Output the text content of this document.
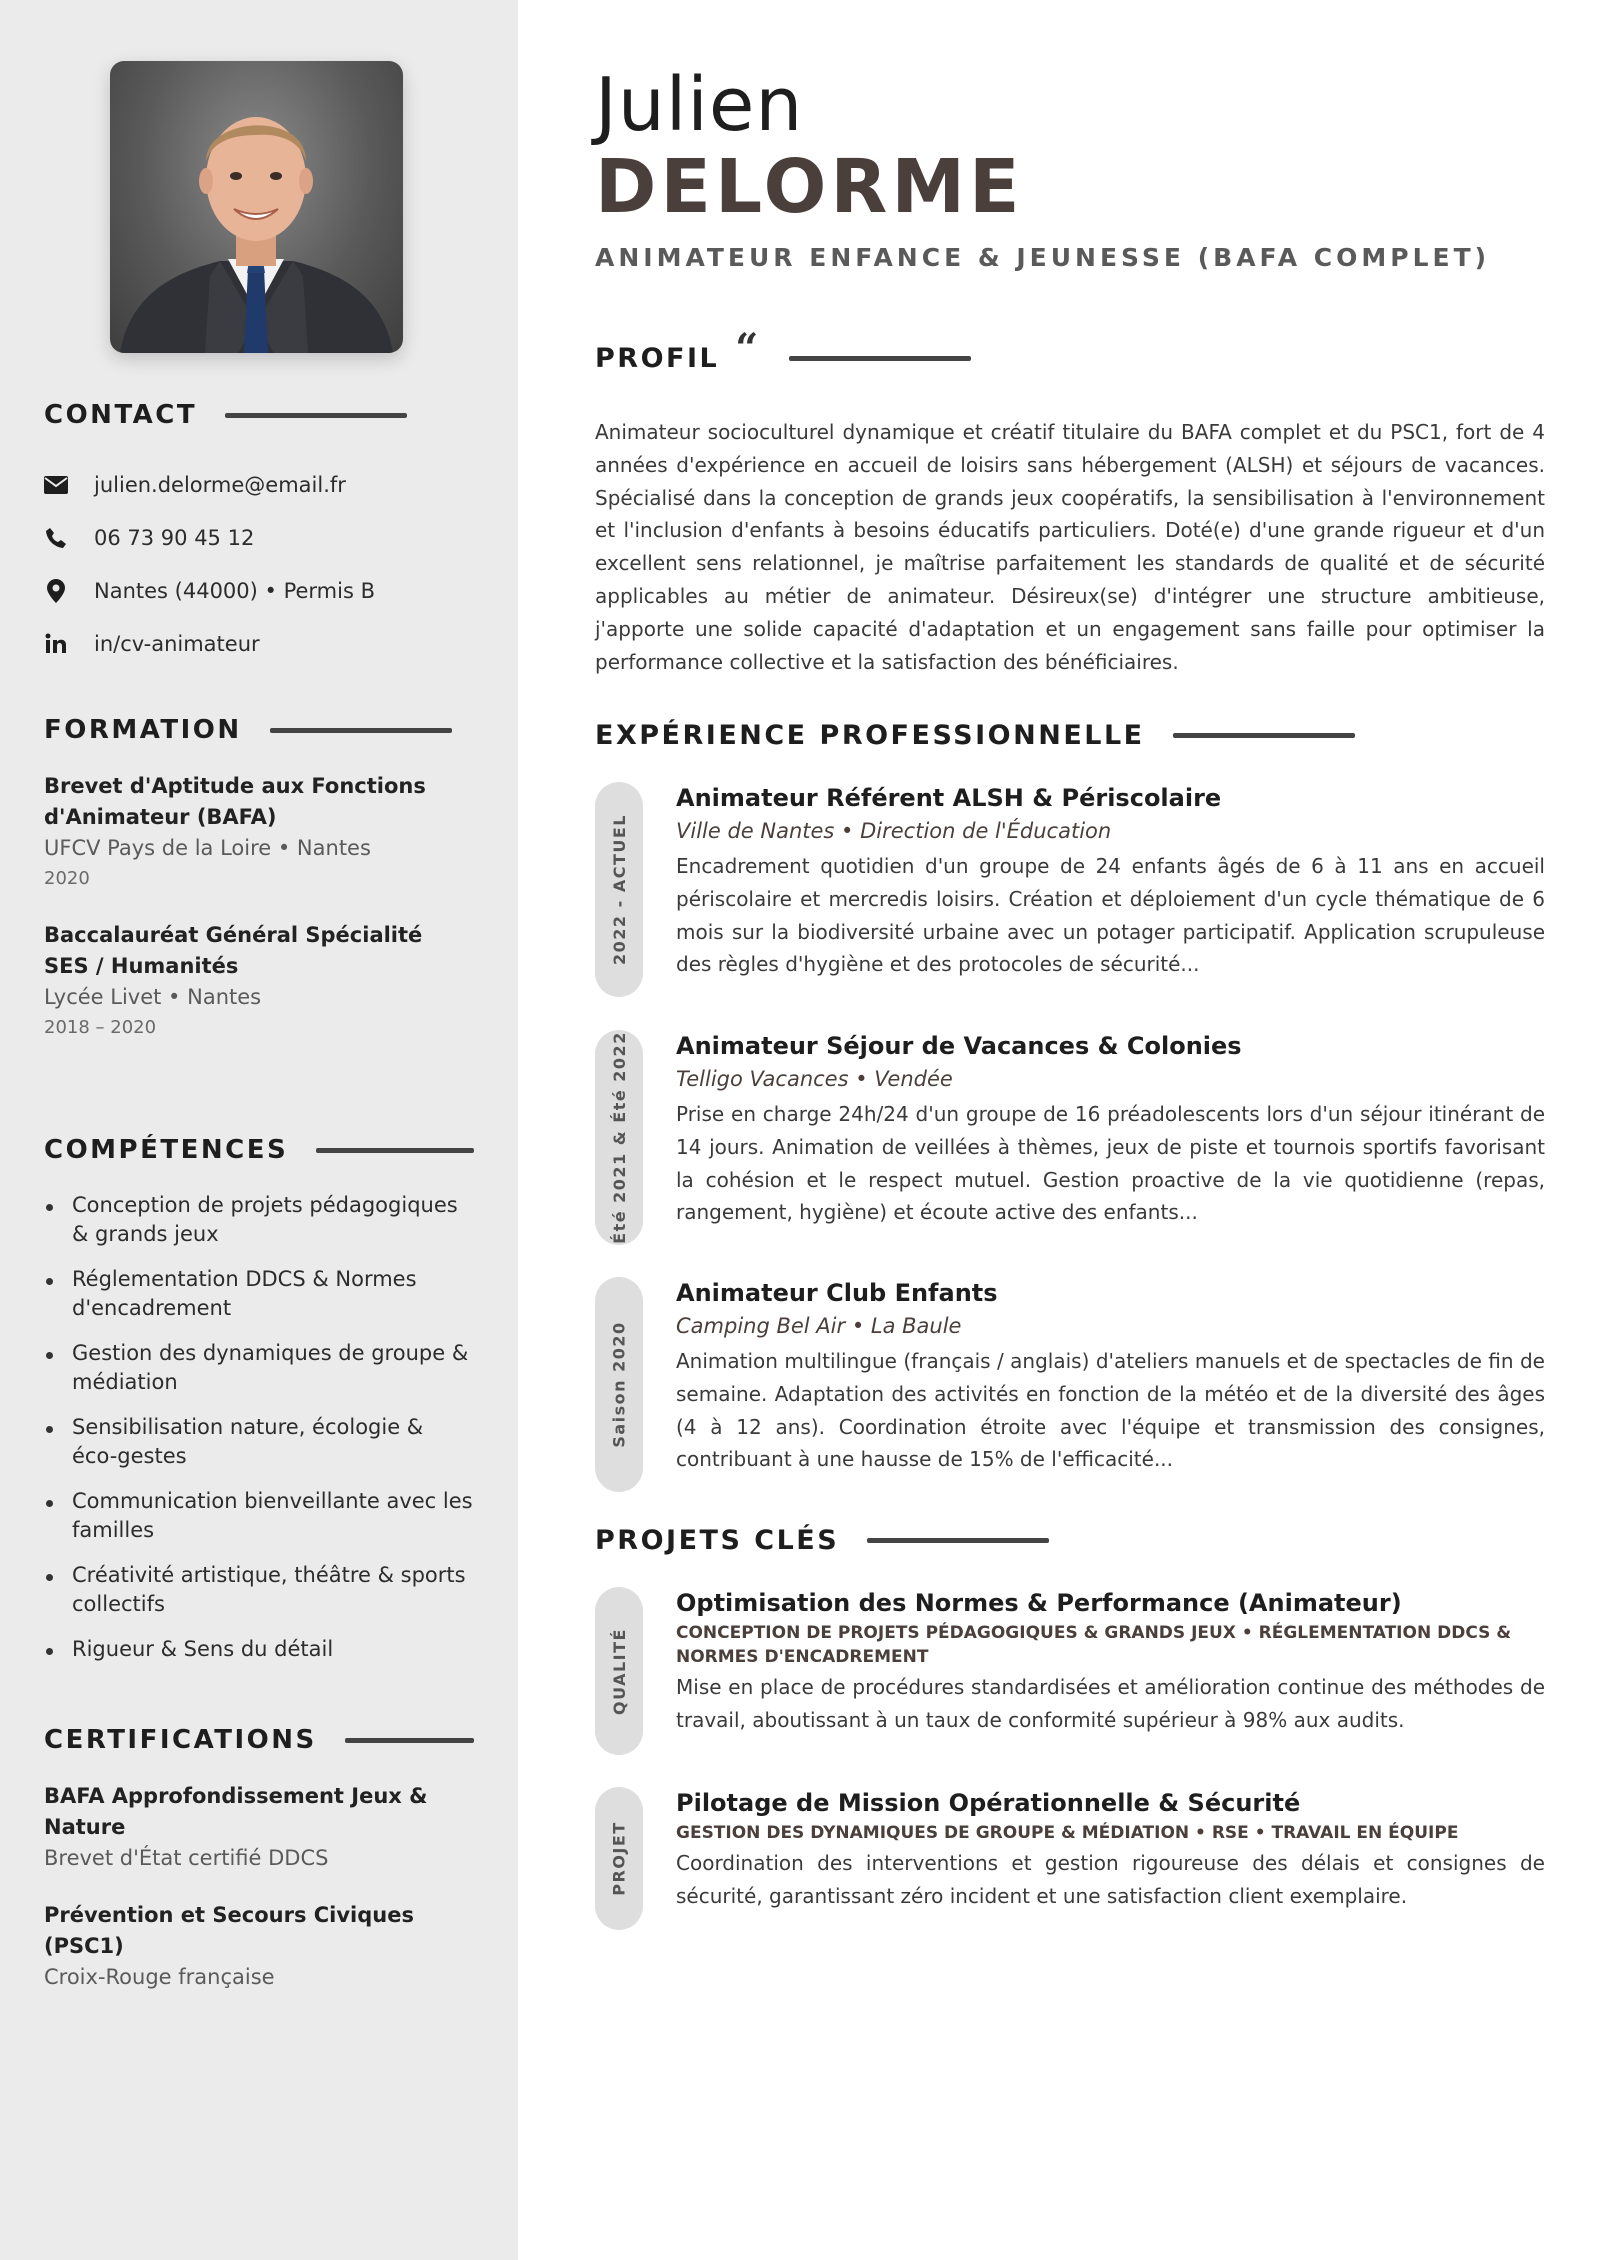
CONTACT
julien.delorme@email.fr
06 73 90 45 12
Nantes (44000) • Permis B
in/cv-animateur
FORMATION
Brevet d'Aptitude aux Fonctions d'Animateur (BAFA)
UFCV Pays de la Loire • Nantes
2020
Baccalauréat Général Spécialité SES / Humanités
Lycée Livet • Nantes
2018 – 2020
COMPÉTENCES
Conception de projets pédagogiques & grands jeux
Réglementation DDCS & Normes d'encadrement
Gestion des dynamiques de groupe & médiation
Sensibilisation nature, écologie & éco-gestes
Communication bienveillante avec les familles
Créativité artistique, théâtre & sports collectifs
Rigueur & Sens du détail
CERTIFICATIONS
BAFA Approfondissement Jeux & Nature
Brevet d'État certifié DDCS
Prévention et Secours Civiques (PSC1)
Croix-Rouge française
Julien
DELORME
ANIMATEUR ENFANCE & JEUNESSE (BAFA COMPLET)
PROFIL “
Animateur socioculturel dynamique et créatif titulaire du BAFA complet et du PSC1, fort de 4 années d'expérience en accueil de loisirs sans hébergement (ALSH) et séjours de vacances. Spécialisé dans la conception de grands jeux coopératifs, la sensibilisation à l'environnement et l'inclusion d'enfants à besoins éducatifs particuliers. Doté(e) d'une grande rigueur et d'un excellent sens relationnel, je maîtrise parfaitement les standards de qualité et de sécurité applicables au métier de animateur. Désireux(se) d'intégrer une structure ambitieuse, j'apporte une solide capacité d'adaptation et un engagement sans faille pour optimiser la performance collective et la satisfaction des bénéficiaires.
EXPÉRIENCE PROFESSIONNELLE
2022 - ACTUEL
Animateur Référent ALSH & Périscolaire
Ville de Nantes • Direction de l'Éducation
Encadrement quotidien d'un groupe de 24 enfants âgés de 6 à 11 ans en accueil périscolaire et mercredis loisirs. Création et déploiement d'un cycle thématique de 6 mois sur la biodiversité urbaine avec un potager participatif. Application scrupuleuse des règles d'hygiène et des protocoles de sécurité...
Été 2021 & Été 2022 Animateur Séjour de Vacances & Colonies
Telligo Vacances • Vendée
Prise en charge 24h/24 d'un groupe de 16 préadolescents lors d'un séjour itinérant de 14 jours. Animation de veillées à thèmes, jeux de piste et tournois sportifs favorisant la cohésion et le respect mutuel. Gestion proactive de la vie quotidienne (repas, rangement, hygiène) et écoute active des enfants...
Saison 2020
Animateur Club Enfants
Camping Bel Air • La Baule
Animation multilingue (français / anglais) d'ateliers manuels et de spectacles de fin de semaine. Adaptation des activités en fonction de la météo et de la diversité des âges (4 à 12 ans). Coordination étroite avec l'équipe et transmission des consignes, contribuant à une hausse de 15% de l'efficacité...
PROJETS CLÉS
QUALITÉ
Optimisation des Normes & Performance (Animateur)
CONCEPTION DE PROJETS PÉDAGOGIQUES & GRANDS JEUX • RÉGLEMENTATION DDCS & NORMES D'ENCADREMENT
Mise en place de procédures standardisées et amélioration continue des méthodes de travail, aboutissant à un taux de conformité supérieur à 98% aux audits.
PROJET
Pilotage de Mission Opérationnelle & Sécurité
GESTION DES DYNAMIQUES DE GROUPE & MÉDIATION • RSE • TRAVAIL EN ÉQUIPE
Coordination des interventions et gestion rigoureuse des délais et consignes de sécurité, garantissant zéro incident et une satisfaction client exemplaire.
